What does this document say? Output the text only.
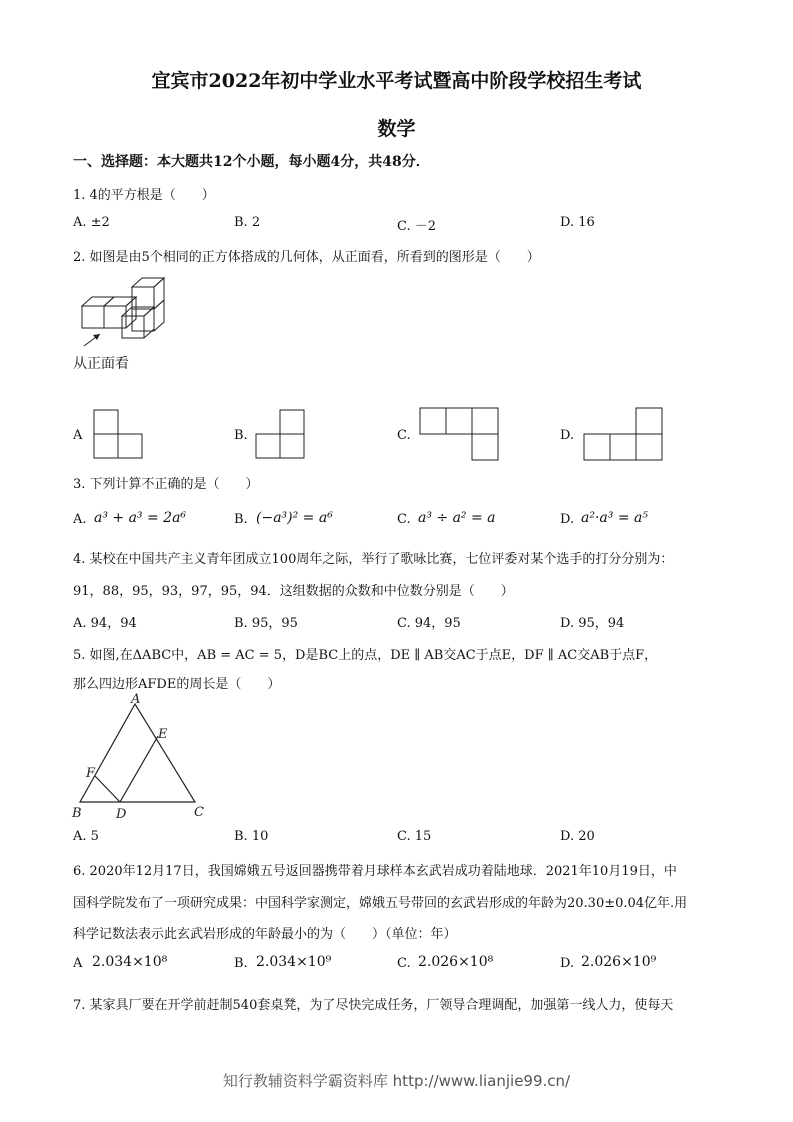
宜宾市2022年初中学业水平考试暨高中阶段学校招生考试
数学
一、选择题：本大题共12个小题，每小题4分，共48分．
1. 4的平方根是（　　）
A. ±2	B. 2	C. －2	D. 16
2. 如图是由5个相同的正方体搭成的几何体，从正面看，所看到的图形是（　　）
从正面看
A	B.	C.	D.
3. 下列计算不正确的是（　　）
A. a³ + a³ = 2a⁶	B. (−a³)² = a⁶	C. a³ ÷ a² = a	D. a²·a³ = a⁵
4. 某校在中国共产主义青年团成立100周年之际，举行了歌咏比赛，七位评委对某个选手的打分分别为：
91，88，95，93，97，95，94．这组数据的众数和中位数分别是（　　）
A. 94，94	B. 95，95	C. 94，95	D. 95，94
5. 如图,在ΔABC中，AB = AC = 5，D是BC上的点，DE ∥ AB交AC于点E，DF ∥ AC交AB于点F，
那么四边形AFDE的周长是（　　）
A
B	C
D
E
F
A. 5	B. 10	C. 15	D. 20
6. 2020年12月17日，我国嫦娥五号返回器携带着月球样本玄武岩成功着陆地球．2021年10月19日，中
国科学院发布了一项研究成果：中国科学家测定，嫦娥五号带回的玄武岩形成的年龄为20.30±0.04亿年.用
科学记数法表示此玄武岩形成的年龄最小的为（　　）（单位：年）
A 2.034×10⁸	B. 2.034×10⁹	C. 2.026×10⁸	D. 2.026×10⁹
7. 某家具厂要在开学前赶制540套桌凳，为了尽快完成任务，厂领导合理调配，加强第一线人力，使每天
知行教辅资料学霸资料库 http://www.lianjie99.cn/
